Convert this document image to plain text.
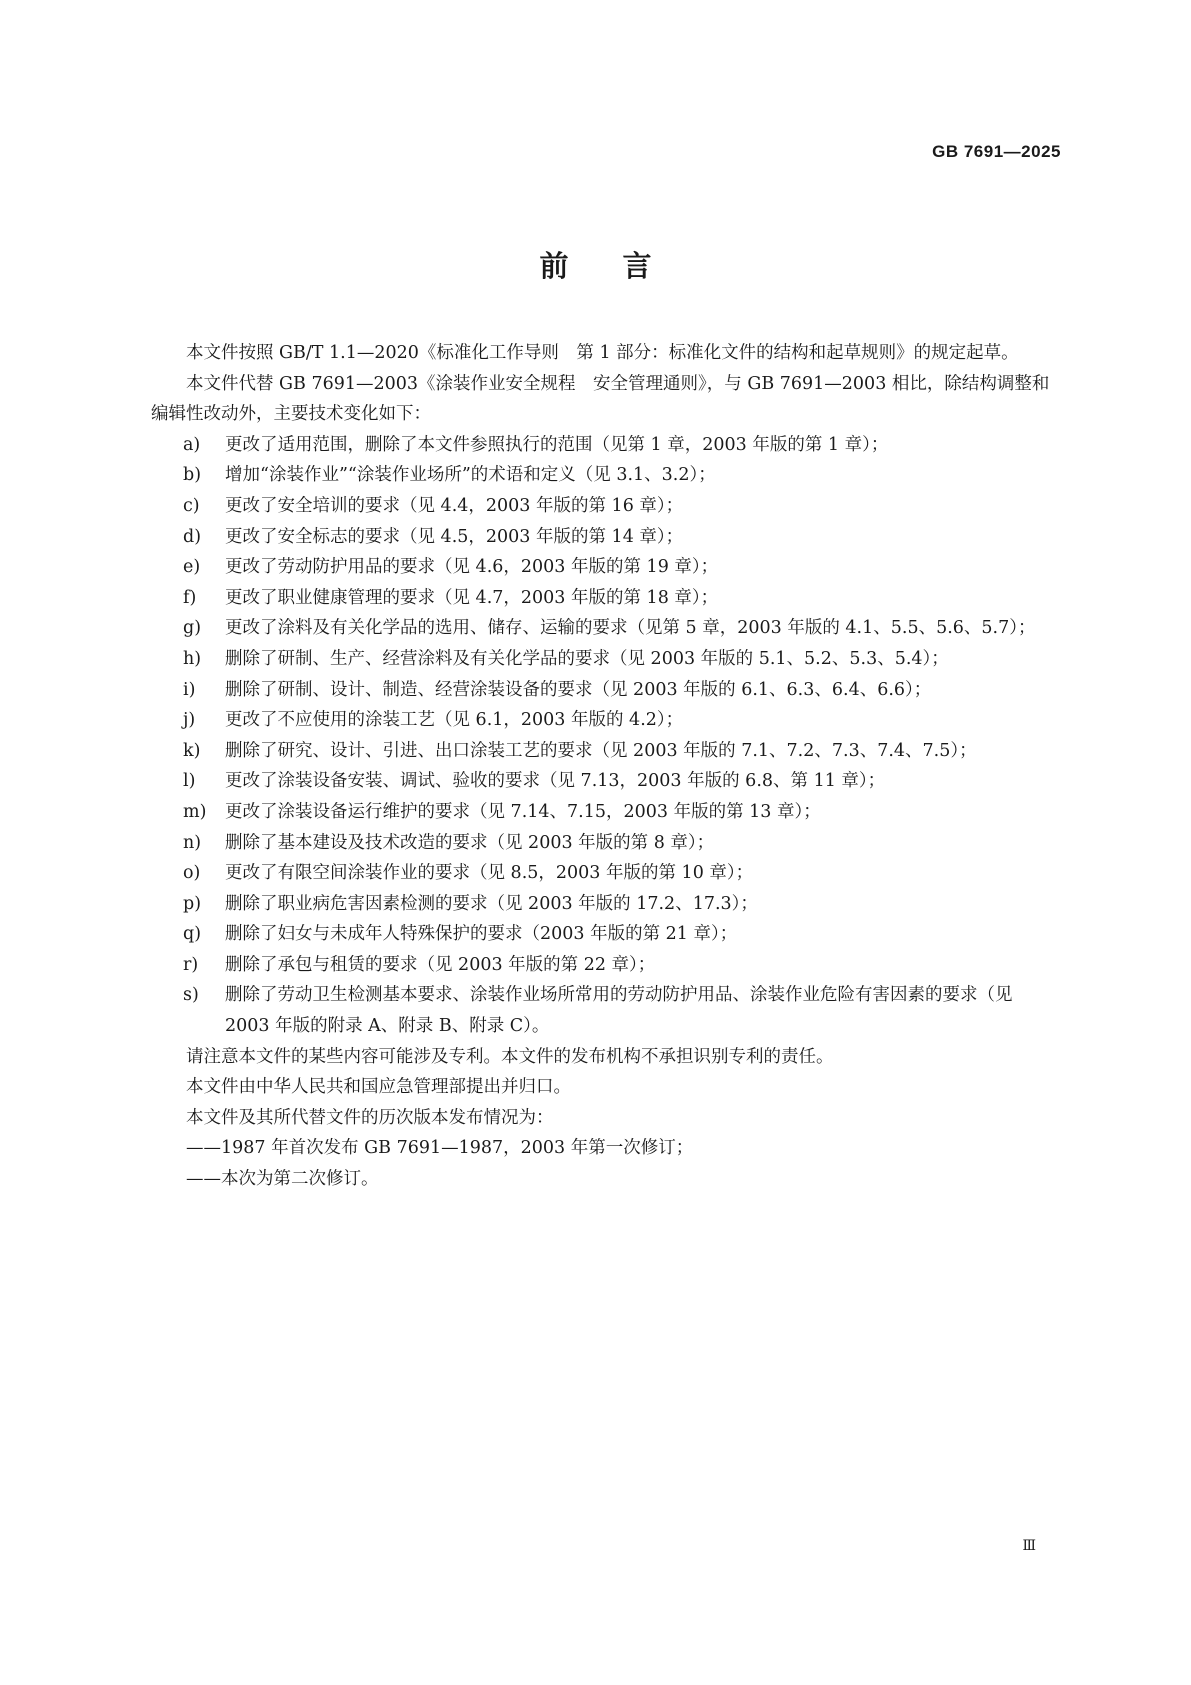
GB 7691—2025
前言

本文件按照 GB/T 1.1—2020《标准化工作导则　第 1 部分：标准化文件的结构和起草规则》的规定起草。

本文件代替 GB 7691—2003《涂装作业安全规程　安全管理通则》，与 GB 7691—2003 相比，除结构调整和编辑性改动外，主要技术变化如下：

a) 更改了适用范围，删除了本文件参照执行的范围（见第 1 章，2003 年版的第 1 章）；

b) 增加“涂装作业”“涂装作业场所”的术语和定义（见 3.1、3.2）；

c) 更改了安全培训的要求（见 4.4，2003 年版的第 16 章）；

d) 更改了安全标志的要求（见 4.5，2003 年版的第 14 章）；

e) 更改了劳动防护用品的要求（见 4.6，2003 年版的第 19 章）；

f) 更改了职业健康管理的要求（见 4.7，2003 年版的第 18 章）；

g) 更改了涂料及有关化学品的选用、储存、运输的要求（见第 5 章，2003 年版的 4.1、5.5、5.6、5.7）；

h) 删除了研制、生产、经营涂料及有关化学品的要求（见 2003 年版的 5.1、5.2、5.3、5.4）；

i) 删除了研制、设计、制造、经营涂装设备的要求（见 2003 年版的 6.1、6.3、6.4、6.6）；

j) 更改了不应使用的涂装工艺（见 6.1，2003 年版的 4.2）；

k) 删除了研究、设计、引进、出口涂装工艺的要求（见 2003 年版的 7.1、7.2、7.3、7.4、7.5）；

l) 更改了涂装设备安装、调试、验收的要求（见 7.13，2003 年版的 6.8、第 11 章）；

m) 更改了涂装设备运行维护的要求（见 7.14、7.15，2003 年版的第 13 章）；

n) 删除了基本建设及技术改造的要求（见 2003 年版的第 8 章）；

o) 更改了有限空间涂装作业的要求（见 8.5，2003 年版的第 10 章）；

p) 删除了职业病危害因素检测的要求（见 2003 年版的 17.2、17.3）；

q) 删除了妇女与未成年人特殊保护的要求（2003 年版的第 21 章）；

r) 删除了承包与租赁的要求（见 2003 年版的第 22 章）；

s) 删除了劳动卫生检测基本要求、涂装作业场所常用的劳动防护用品、涂装作业危险有害因素的要求（见 2003 年版的附录 A、附录 B、附录 C）。

请注意本文件的某些内容可能涉及专利。本文件的发布机构不承担识别专利的责任。

本文件由中华人民共和国应急管理部提出并归口。

本文件及其所代替文件的历次版本发布情况为：

——1987 年首次发布 GB 7691—1987，2003 年第一次修订；

——本次为第二次修订。

Ⅲ
